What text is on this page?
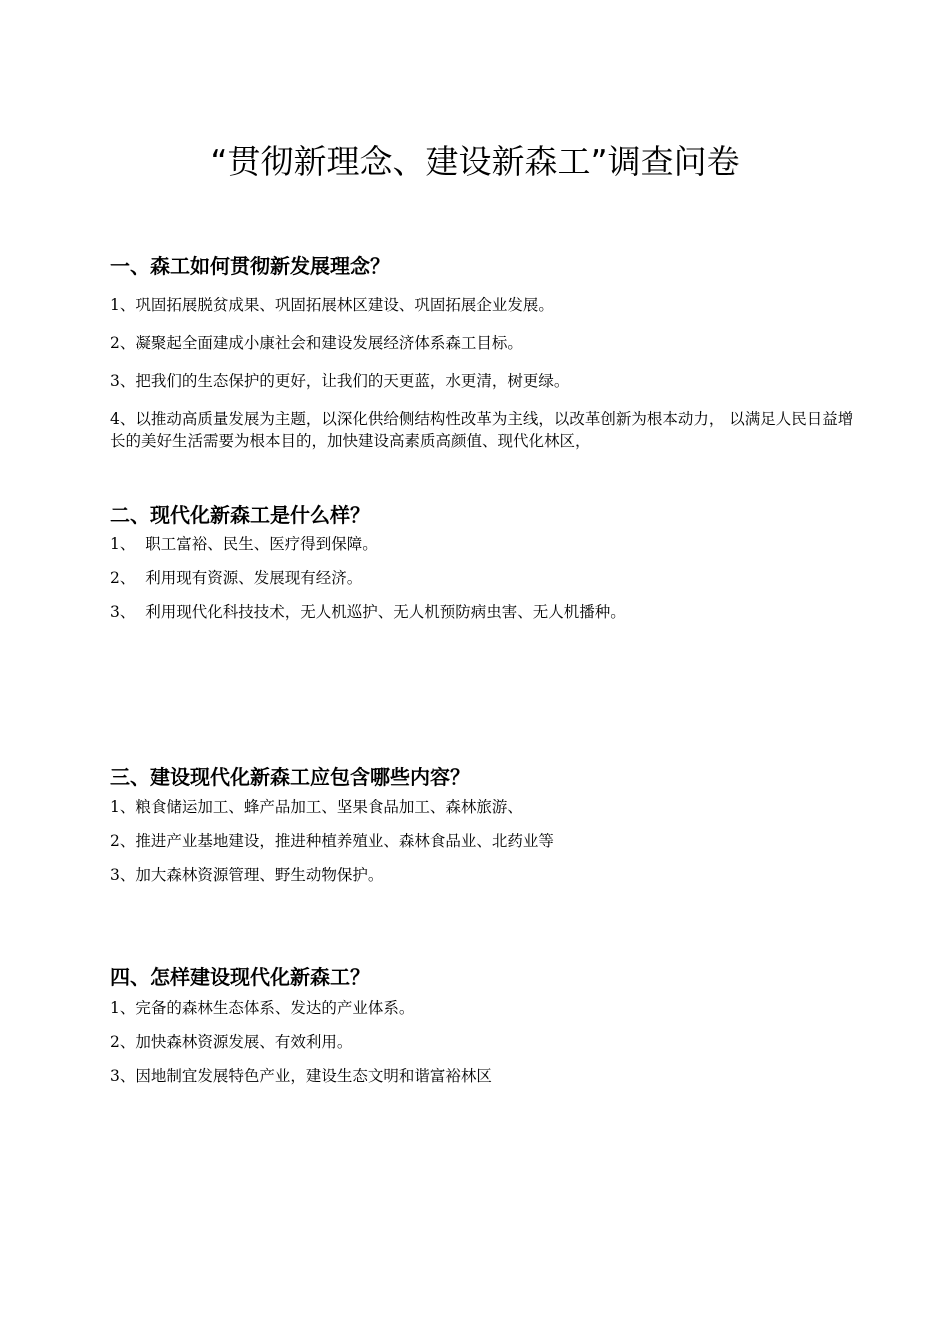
“贯彻新理念、建设新森工”调查问卷
一、森工如何贯彻新发展理念？

1、巩固拓展脱贫成果、巩固拓展林区建设、巩固拓展企业发展。

2、凝聚起全面建成小康社会和建设发展经济体系森工目标。

3、把我们的生态保护的更好，让我们的天更蓝，水更清，树更绿。

4、以推动高质量发展为主题，以深化供给侧结构性改革为主线，以改革创新为根本动力， 以满足人民日益增长的美好生活需要为根本目的，加快建设高素质高颜值、现代化林区，

二、现代化新森工是什么样？

1、  职工富裕、民生、医疗得到保障。

2、  利用现有资源、发展现有经济。

3、  利用现代化科技技术，无人机巡护、无人机预防病虫害、无人机播种。

三、建设现代化新森工应包含哪些内容？

1、粮食储运加工、蜂产品加工、坚果食品加工、森林旅游、

2、推进产业基地建设，推进种植养殖业、森林食品业、北药业等

3、加大森林资源管理、野生动物保护。

四、怎样建设现代化新森工？

1、完备的森林生态体系、发达的产业体系。

2、加快森林资源发展、有效利用。

3、因地制宜发展特色产业，建设生态文明和谐富裕林区
